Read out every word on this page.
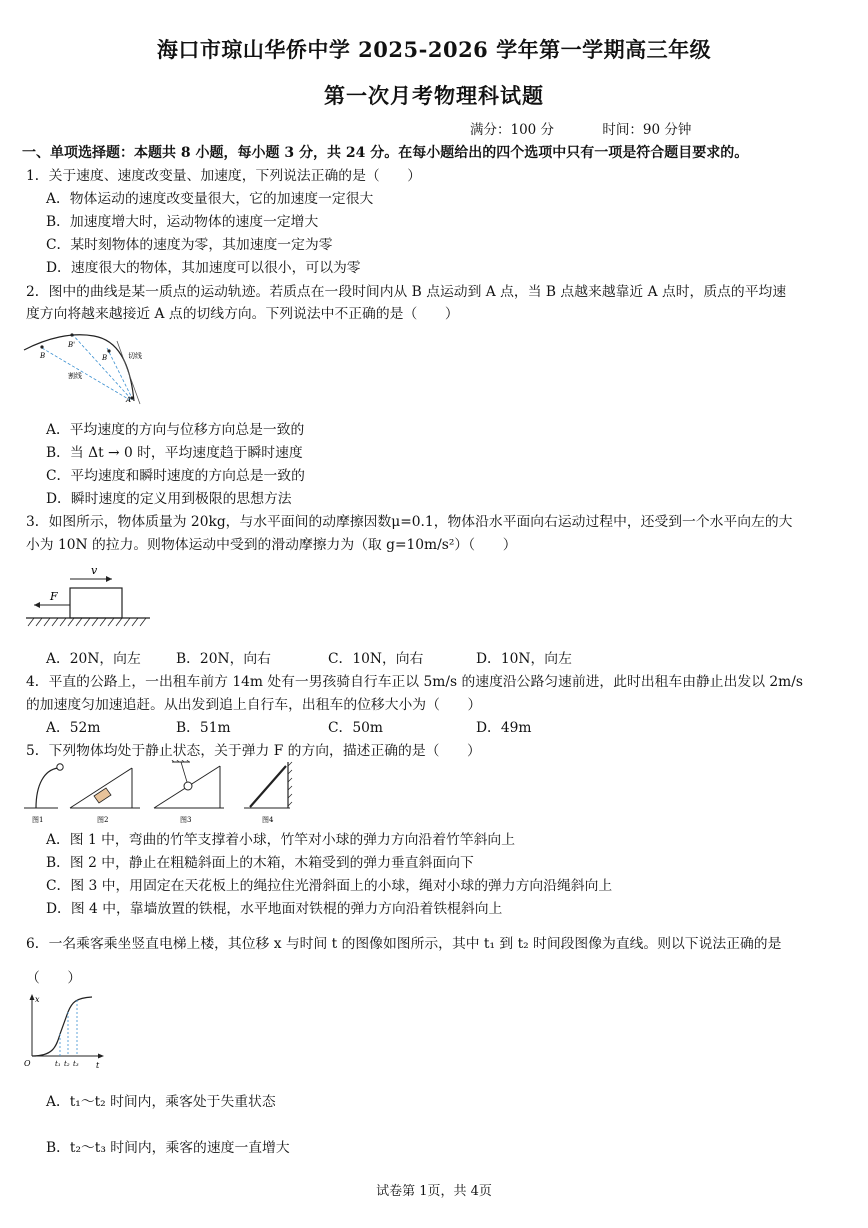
海口市琼山华侨中学 2025-2026 学年第一学期高三年级
第一次月考物理科试题
满分：100 分	时间：90 分钟
一、单项选择题：本题共 8 小题，每小题 3 分，共 24 分。在每小题给出的四个选项中只有一项是符合题目要求的。
1．关于速度、速度改变量、加速度，下列说法正确的是（　　）
A．物体运动的速度改变量很大，它的加速度一定很大
B．加速度增大时，运动物体的速度一定增大
C．某时刻物体的速度为零，其加速度一定为零
D．速度很大的物体，其加速度可以很小，可以为零
2．图中的曲线是某一质点的运动轨迹。若质点在一段时间内从 B 点运动到 A 点，当 B 点越来越靠近 A 点时，质点的平均速
度方向将越来越接近 A 点的切线方向。下列说法中不正确的是（　　）
B
B'
B
A
切线
割线
A．平均速度的方向与位移方向总是一致的
B．当 Δt → 0 时，平均速度趋于瞬时速度
C．平均速度和瞬时速度的方向总是一致的
D．瞬时速度的定义用到极限的思想方法
3．如图所示，物体质量为 20kg，与水平面间的动摩擦因数μ=0.1，物体沿水平面向右运动过程中，还受到一个水平向左的大
小为 10N 的拉力。则物体运动中受到的滑动摩擦力为（取 g=10m/s²）（　　）
v
F
A．20N，向左	B．20N，向右	C．10N，向右	D．10N，向左
4．平直的公路上，一出租车前方 14m 处有一男孩骑自行车正以 5m/s 的速度沿公路匀速前进，此时出租车由静止出发以 2m/s
的加速度匀加速追赶。从出发到追上自行车，出租车的位移大小为（　　）
A．52m	B．51m	C．50m	D．49m
5．下列物体均处于静止状态，关于弹力 F 的方向，描述正确的是（　　）
图1	图2	图3	图4
A．图 1 中，弯曲的竹竿支撑着小球，竹竿对小球的弹力方向沿着竹竿斜向上
B．图 2 中，静止在粗糙斜面上的木箱，木箱受到的弹力垂直斜面向下
C．图 3 中，用固定在天花板上的绳拉住光滑斜面上的小球，绳对小球的弹力方向沿绳斜向上
D．图 4 中，靠墙放置的铁棍，水平地面对铁棍的弹力方向沿着铁棍斜向上
6．一名乘客乘坐竖直电梯上楼，其位移 x 与时间 t 的图像如图所示，其中 t₁ 到 t₂ 时间段图像为直线。则以下说法正确的是
（　　）
x
t
O	t₁ t₂ t₃
A．t₁～t₂ 时间内，乘客处于失重状态
B．t₂～t₃ 时间内，乘客的速度一直增大
试卷第 1页，共 4页
